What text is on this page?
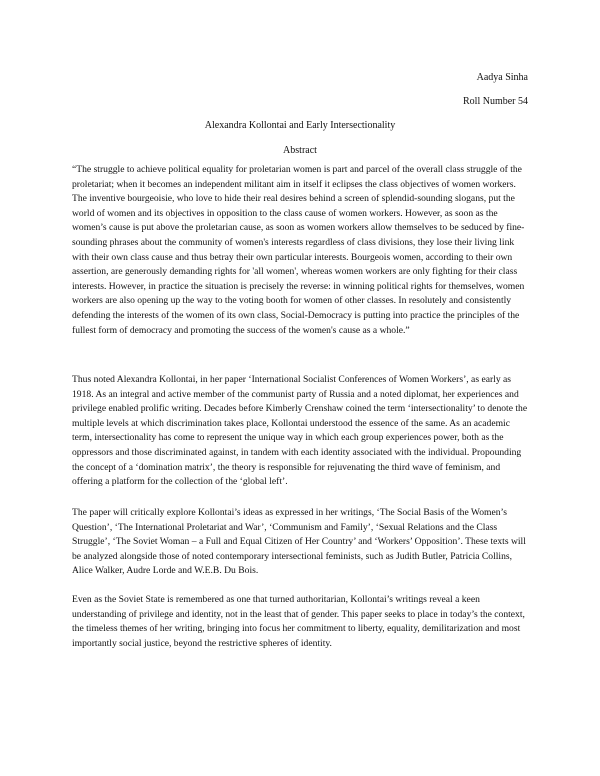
Aadya Sinha

Roll Number 54

Alexandra Kollontai and Early Intersectionality

Abstract

“The struggle to achieve political equality for proletarian women is part and parcel of the overall class struggle of the proletariat; when it becomes an independent militant aim in itself it eclipses the class objectives of women workers. The inventive bourgeoisie, who love to hide their real desires behind a screen of splendid-sounding slogans, put the world of women and its objectives in opposition to the class cause of women workers. However, as soon as the women’s cause is put above the proletarian cause, as soon as women workers allow themselves to be seduced by fine-sounding phrases about the community of women's interests regardless of class divisions, they lose their living link with their own class cause and thus betray their own particular interests. Bourgeois women, according to their own assertion, are generously demanding rights for 'all women', whereas women workers are only fighting for their class interests. However, in practice the situation is precisely the reverse: in winning political rights for themselves, women workers are also opening up the way to the voting booth for women of other classes. In resolutely and consistently defending the interests of the women of its own class, Social-Democracy is putting into practice the principles of the fullest form of democracy and promoting the success of the women's cause as a whole.”

Thus noted Alexandra Kollontai, in her paper ‘International Socialist Conferences of Women Workers’, as early as 1918. As an integral and active member of the communist party of Russia and a noted diplomat, her experiences and privilege enabled prolific writing. Decades before Kimberly Crenshaw coined the term ‘intersectionality’ to denote the multiple levels at which discrimination takes place, Kollontai understood the essence of the same. As an academic term, intersectionality has come to represent the unique way in which each group experiences power, both as the oppressors and those discriminated against, in tandem with each identity associated with the individual. Propounding the concept of a ‘domination matrix’, the theory is responsible for rejuvenating the third wave of feminism, and offering a platform for the collection of the ‘global left’.

The paper will critically explore Kollontai’s ideas as expressed in her writings, ‘The Social Basis of the Women’s Question’, ‘The International Proletariat and War’, ‘Communism and Family’, ‘Sexual Relations and the Class Struggle’, ‘The Soviet Woman – a Full and Equal Citizen of Her Country’ and ‘Workers’ Opposition’. These texts will be analyzed alongside those of noted contemporary intersectional feminists, such as Judith Butler, Patricia Collins, Alice Walker, Audre Lorde and W.E.B. Du Bois.

Even as the Soviet State is remembered as one that turned authoritarian, Kollontai’s writings reveal a keen understanding of privilege and identity, not in the least that of gender. This paper seeks to place in today’s the context, the timeless themes of her writing, bringing into focus her commitment to liberty, equality, demilitarization and most importantly social justice, beyond the restrictive spheres of identity.
